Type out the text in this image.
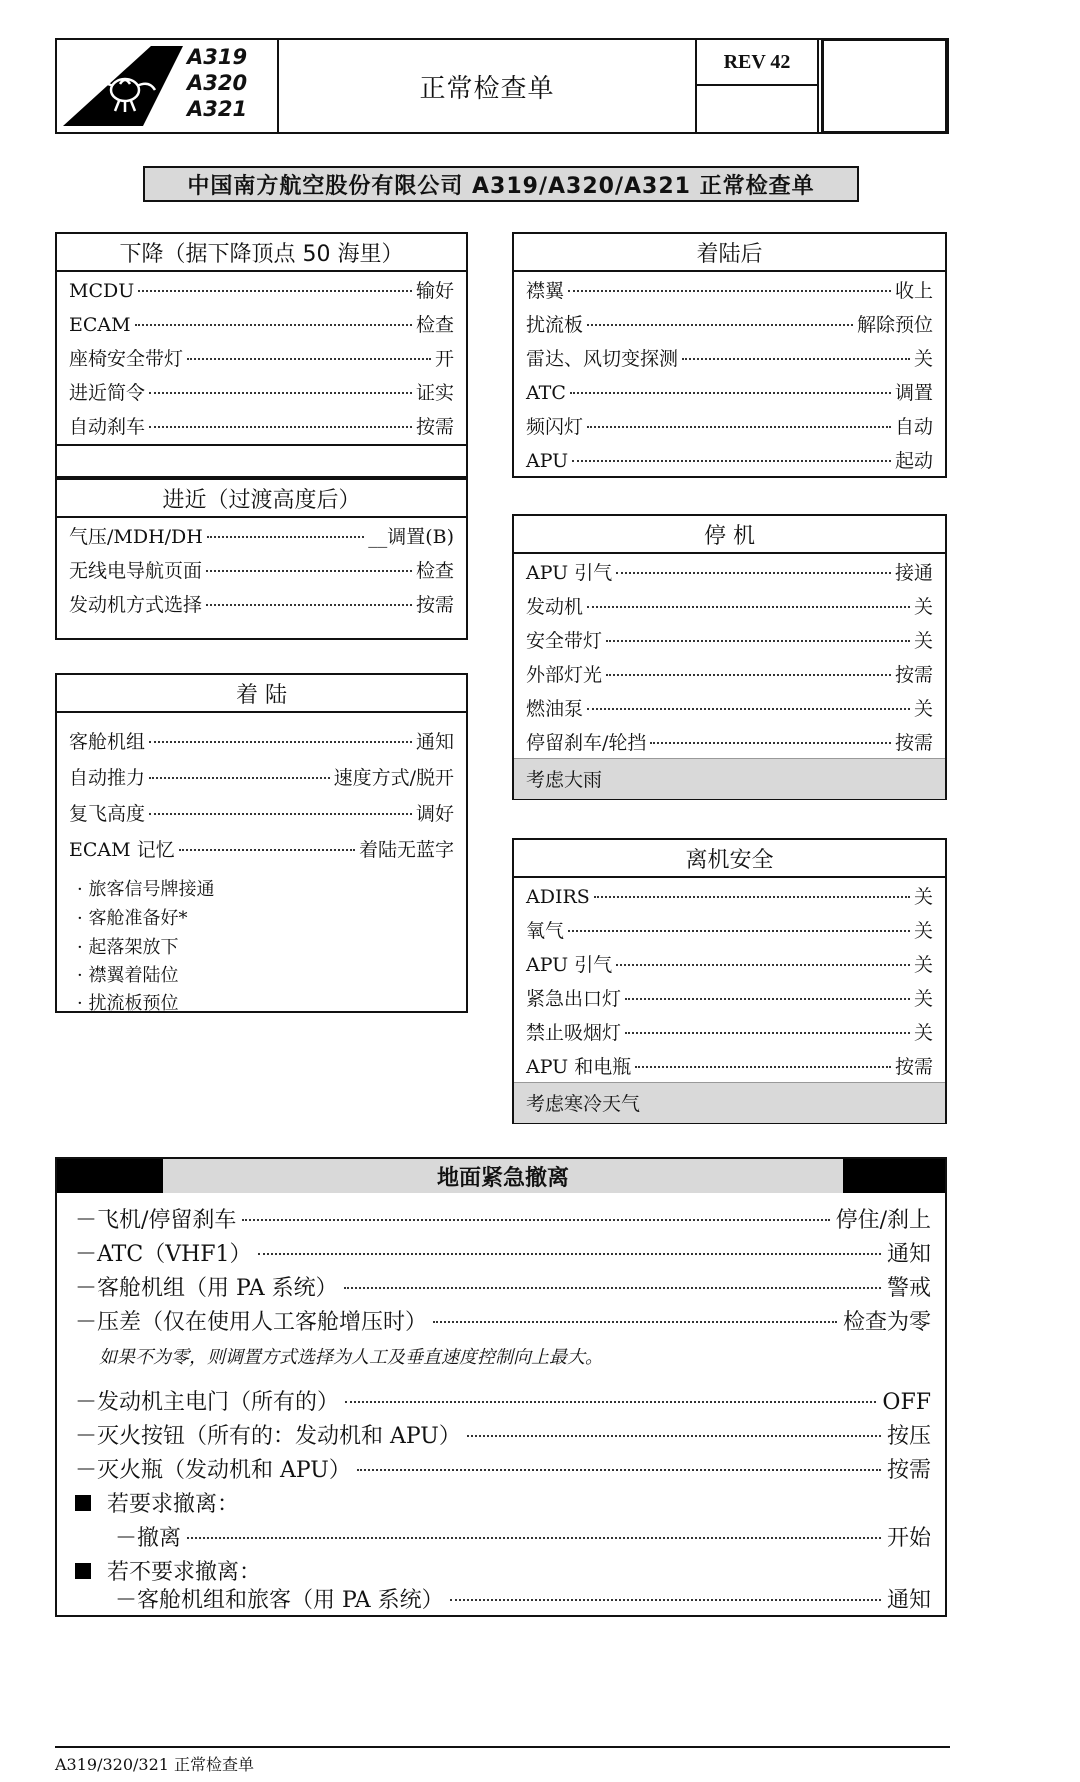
A319
A320
A321
正常检查单
REV 42
中国南方航空股份有限公司 A319/A320/A321 正常检查单
下降（据下降顶点 50 海里）
MCDU	输好
ECAM	检查
座椅安全带灯	开
进近简令	证实
自动刹车	按需
进近（过渡高度后）
气压/MDH/DH	__调置(B)
无线电导航页面	检查
发动机方式选择	按需
着 陆
客舱机组	通知
自动推力	速度方式/脱开
复飞高度	调好
ECAM 记忆	着陆无蓝字
· 旅客信号牌接通
· 客舱准备好*
· 起落架放下
· 襟翼着陆位
· 扰流板预位
着陆后
襟翼	收上
扰流板	解除预位
雷达、风切变探测	关
ATC	调置
频闪灯	自动
APU	起动
停 机
APU 引气	接通
发动机	关
安全带灯	关
外部灯光	按需
燃油泵	关
停留刹车/轮挡	按需
考虑大雨
离机安全
ADIRS	关
氧气	关
APU 引气	关
紧急出口灯	关
禁止吸烟灯	关
APU 和电瓶	按需
考虑寒冷天气
地面紧急撤离
－飞机/停留刹车	停住/刹上
－ATC（VHF1）	通知
－客舱机组（用 PA 系统）	警戒
－压差（仅在使用人工客舱增压时）	检查为零
如果不为零，则调置方式选择为人工及垂直速度控制向上最大。
－发动机主电门（所有的）	OFF
－灭火按钮（所有的：发动机和 APU）	按压
－灭火瓶（发动机和 APU）	按需
若要求撤离：
－撤离	开始
若不要求撤离：
－客舱机组和旅客（用 PA 系统）	通知
A319/320/321 正常检查单
